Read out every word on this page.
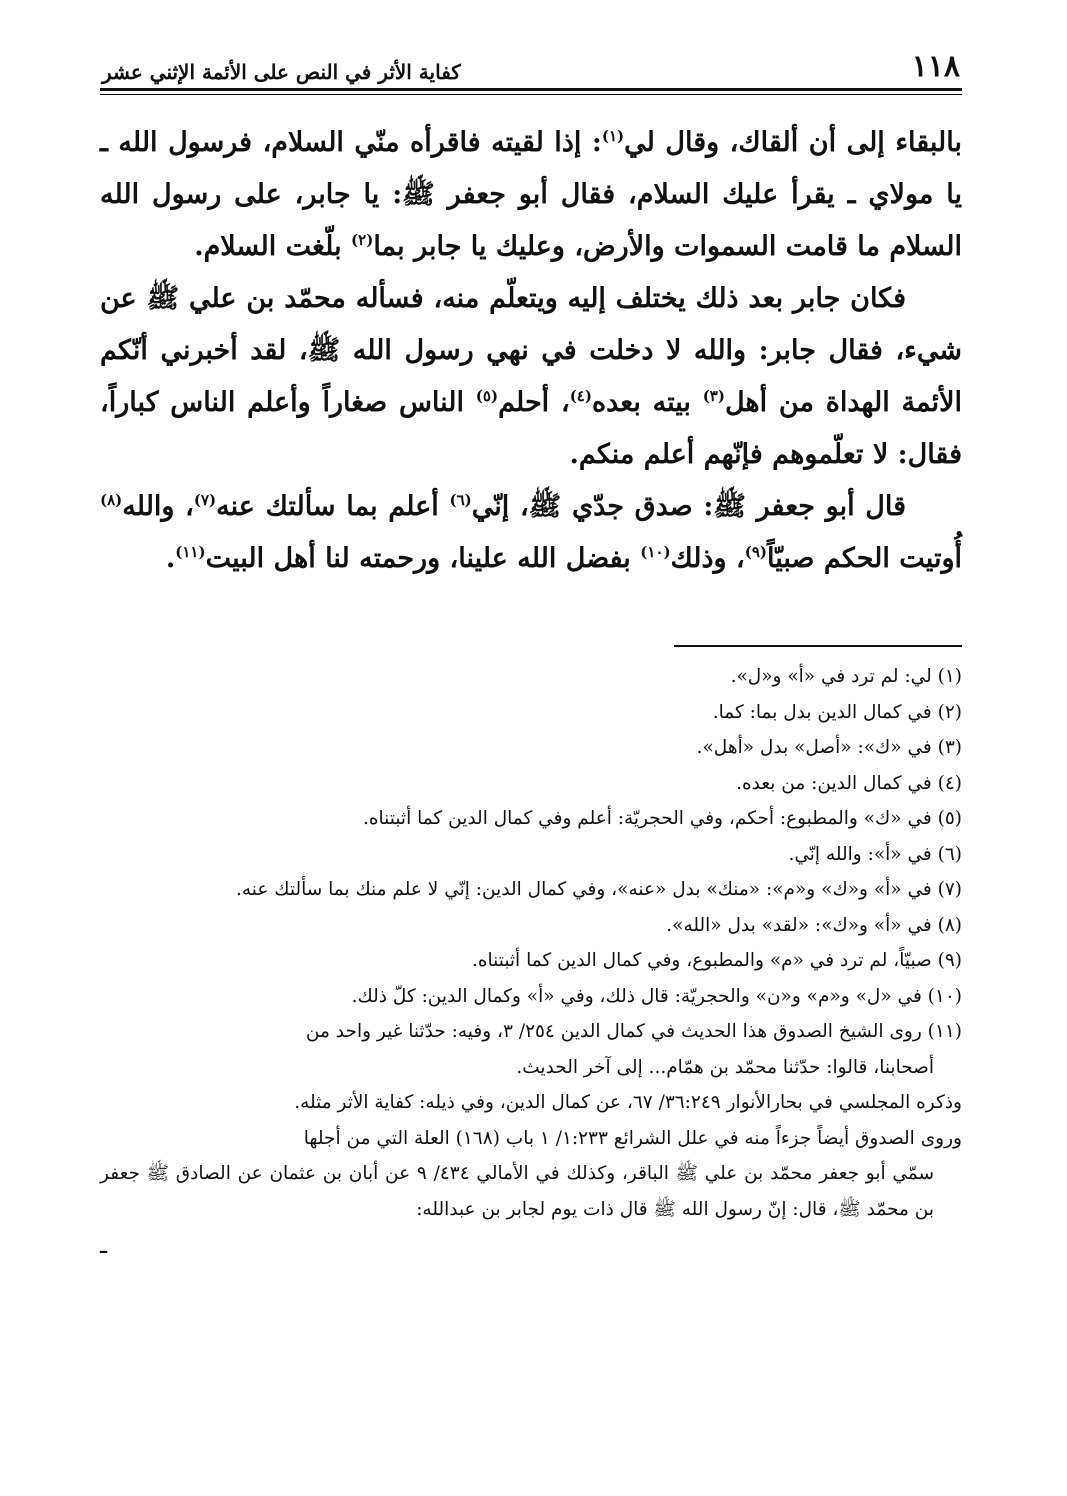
١١٨
كفاية الأثر في النص على الأئمة الإثني عشر

بالبقاء إلى أن ألقاك، وقال لي$^{(١)}$: إذا لقيته فاقرأه منّي السلام، فرسول الله ـ يا مولاي ـ يقرأ عليك السلام، فقال أبو جعفر ﷺ: يا جابر، على رسول الله السلام ما قامت السموات والأرض، وعليك يا جابر بما$^{(٢)}$ بلّغت السلام.

فكان جابر بعد ذلك يختلف إليه ويتعلّم منه، فسأله محمّد بن علي ﷺ عن شيء، فقال جابر: والله لا دخلت في نهي رسول الله ﷺ، لقد أخبرني أنّكم الأئمة الهداة من أهل$^{(٣)}$ بيته بعده$^{(٤)}$، أحلم$^{(٥)}$ الناس صغاراً وأعلم الناس كباراً، فقال: لا تعلّموهم فإنّهم أعلم منكم.

قال أبو جعفر ﷺ: صدق جدّي ﷺ، إنّي$^{(٦)}$ أعلم بما سألتك عنه$^{(٧)}$، والله$^{(٨)}$ أُوتيت الحكم صبيّاً$^{(٩)}$، وذلك$^{(١٠)}$ بفضل الله علينا، ورحمته لنا أهل البيت$^{(١١)}$.

(١) لي: لم ترد في «أ» و«ل».
(٢) في كمال الدين بدل بما: كما.
(٣) في «ك»: «أصل» بدل «أهل».
(٤) في كمال الدين: من بعده.
(٥) في «ك» والمطبوع: أحكم، وفي الحجريّة: أعلم وفي كمال الدين كما أثبتناه.
(٦) في «أ»: والله إنّي.
(٧) في «أ» و«ك» و«م»: «منك» بدل «عنه»، وفي كمال الدين: إنّي لا علم منك بما سألتك عنه.
(٨) في «أ» و«ك»: «لقد» بدل «الله».
(٩) صبيّاً، لم ترد في «م» والمطبوع، وفي كمال الدين كما أثبتناه.
(١٠) في «ل» و«م» و«ن» والحجريّة: قال ذلك، وفي «أ» وكمال الدين: كلّ ذلك.
(١١) روى الشيخ الصدوق هذا الحديث في كمال الدين ٢٥٤/ ٣، وفيه: حدّثنا غير واحد من
أصحابنا، قالوا: حدّثنا محمّد بن همّام... إلى آخر الحديث.
وذكره المجلسي في بحارالأنوار ٣٦:٢٤٩/ ٦٧، عن كمال الدين، وفي ذيله: كفاية الأثر مثله.
وروى الصدوق أيضاً جزءاً منه في علل الشرائع ١:٢٣٣/ ١ باب (١٦٨) العلة التي من أجلها
سمّي أبو جعفر محمّد بن علي ﷺ الباقر، وكذلك في الأمالي ٤٣٤/ ٩ عن أبان بن عثمان عن الصادق ﷺ جعفر بن محمّد ﷺ، قال: إنّ رسول الله ﷺ قال ذات يوم لجابر بن عبدالله:
ـ
